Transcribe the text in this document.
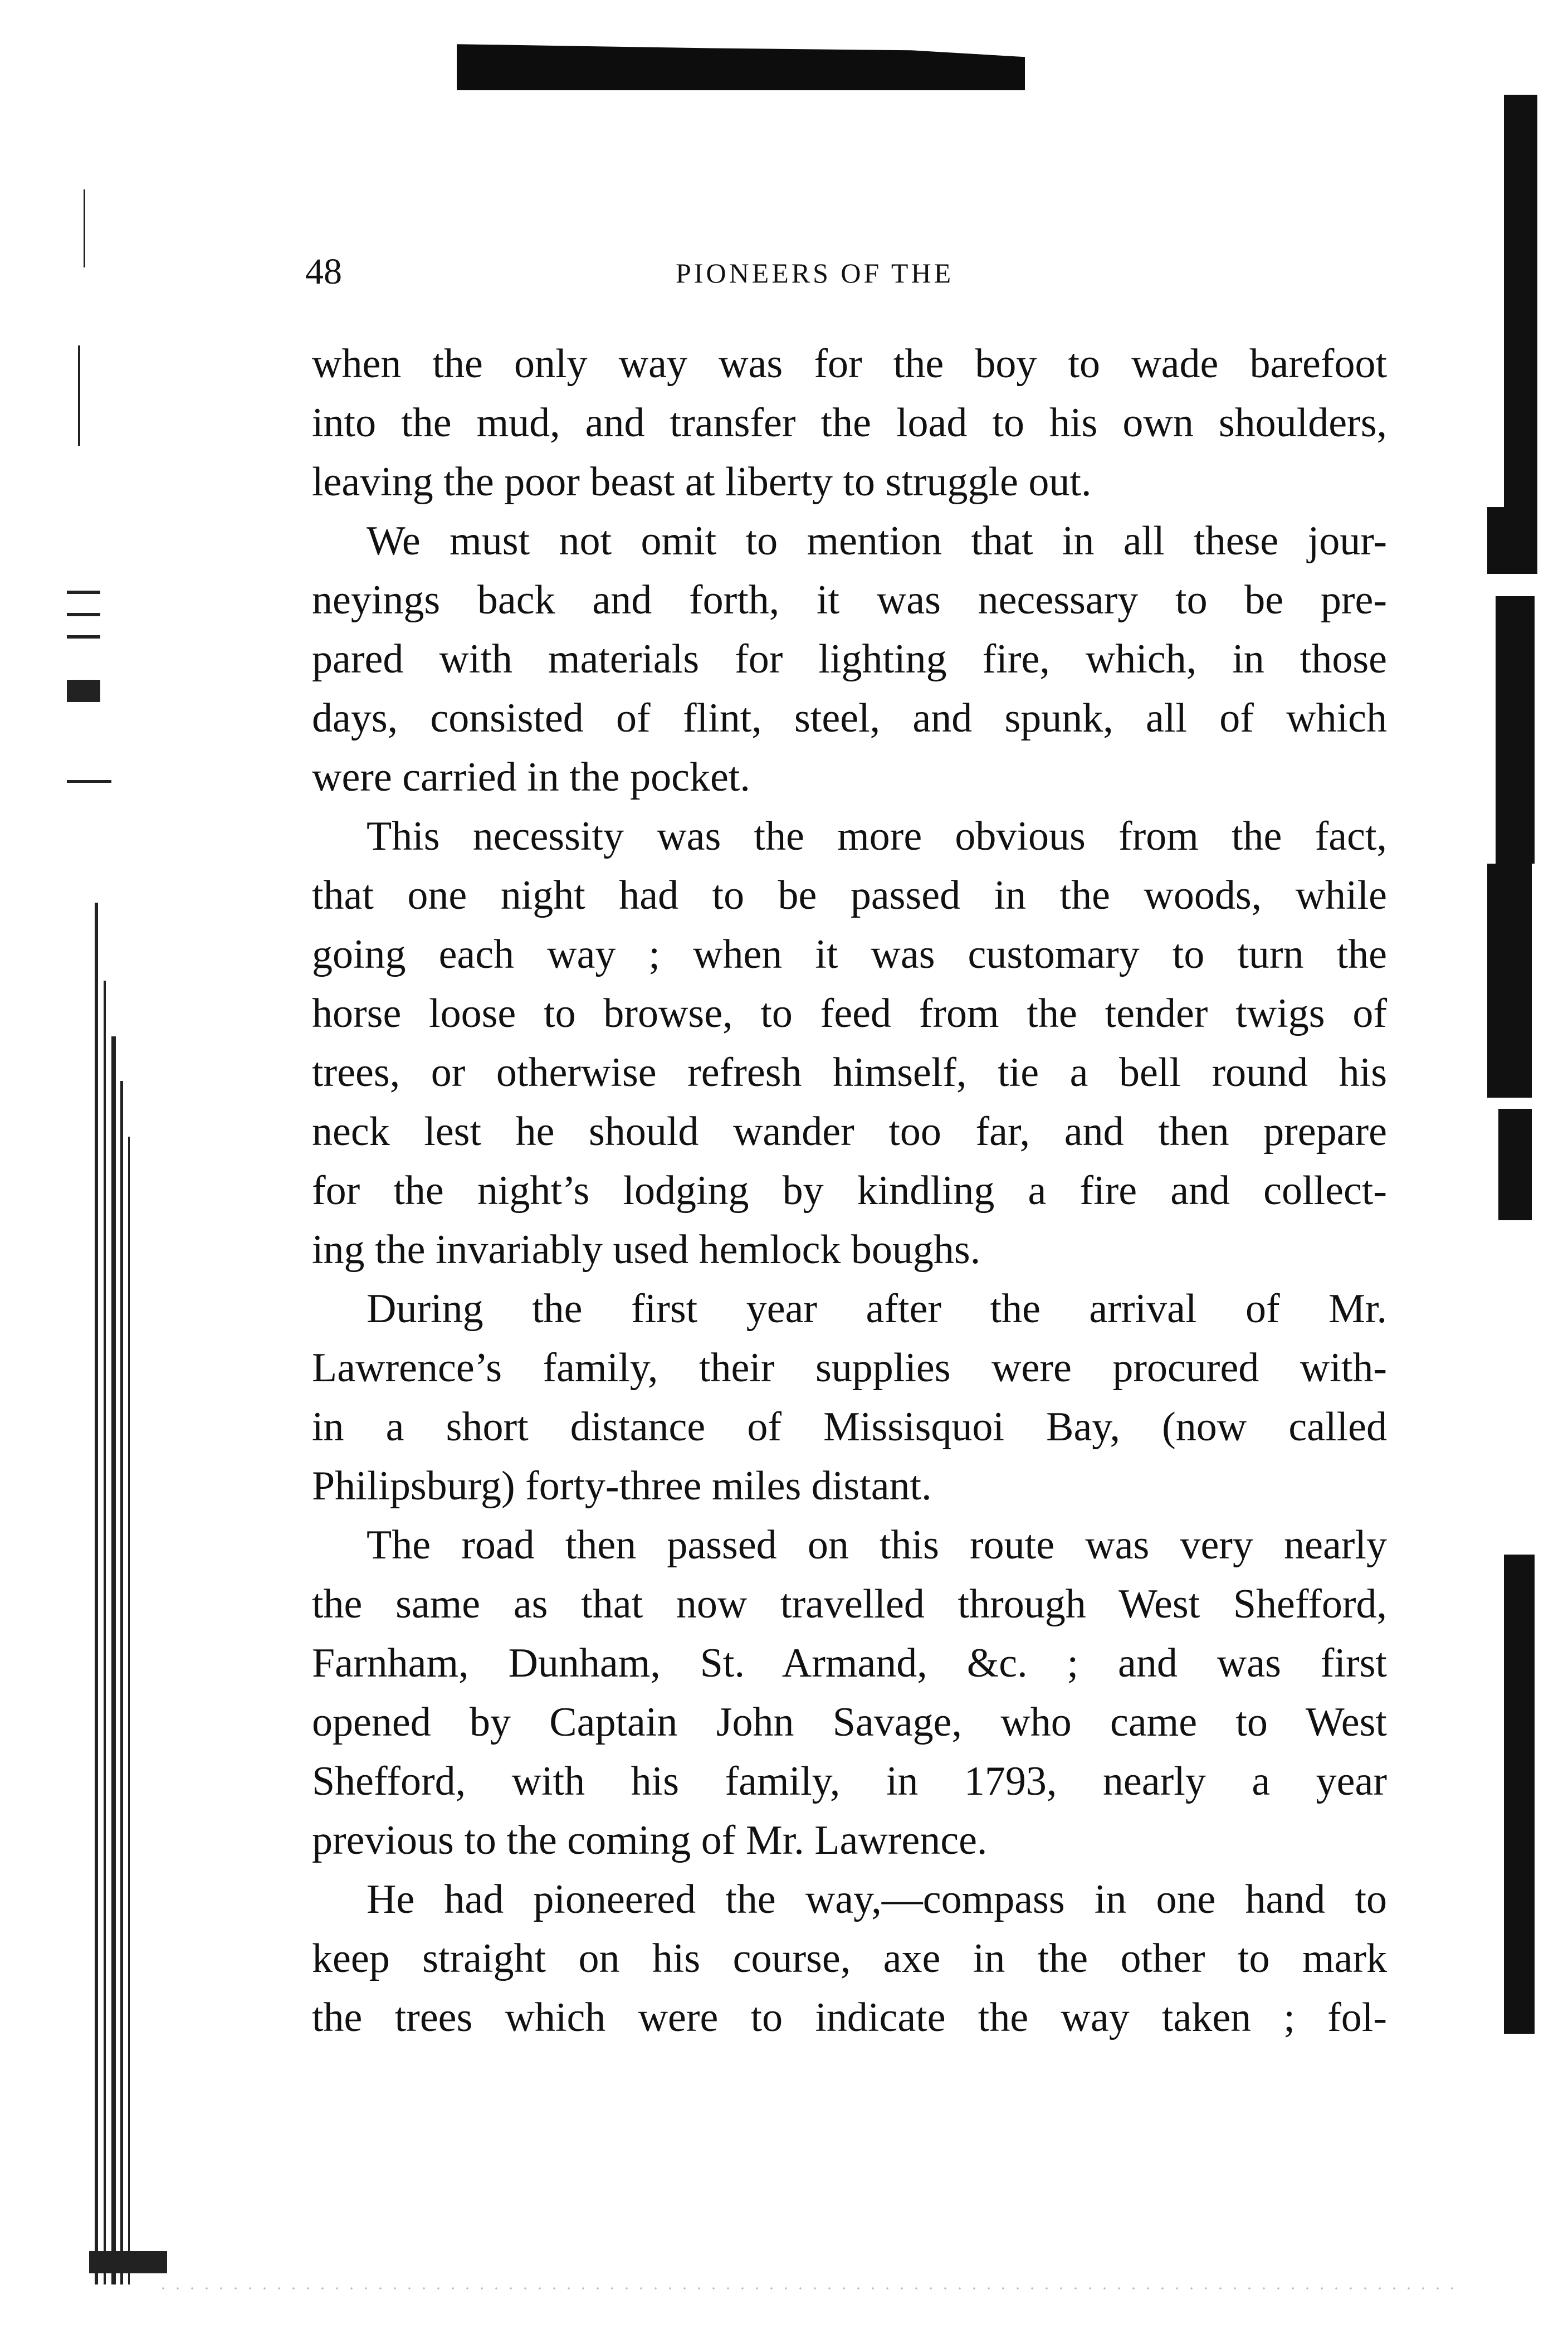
48	PIONEERS OF THE
when the only way was for the boy to wade barefoot
into the mud, and transfer the load to his own shoulders,
leaving the poor beast at liberty to struggle out.
We must not omit to mention that in all these jour-
neyings back and forth, it was necessary to be pre-
pared with materials for lighting fire, which, in those
days, consisted of flint, steel, and spunk, all of which
were carried in the pocket.
This necessity was the more obvious from the fact,
that one night had to be passed in the woods, while
going each way ; when it was customary to turn the
horse loose to browse, to feed from the tender twigs of
trees, or otherwise refresh himself, tie a bell round his
neck lest he should wander too far, and then prepare
for the night’s lodging by kindling a fire and collect-
ing the invariably used hemlock boughs.
During the first year after the arrival of Mr.
Lawrence’s family, their supplies were procured with-
in a short distance of Missisquoi Bay, (now called
Philipsburg) forty-three miles distant.
The road then passed on this route was very nearly
the same as that now travelled through West Shefford,
Farnham, Dunham, St. Armand, &c. ; and was first
opened by Captain John Savage, who came to West
Shefford, with his family, in 1793, nearly a year
previous to the coming of Mr. Lawrence.
He had pioneered the way,—compass in one hand to
keep straight on his course, axe in the other to mark
the trees which were to indicate the way taken ; fol-
